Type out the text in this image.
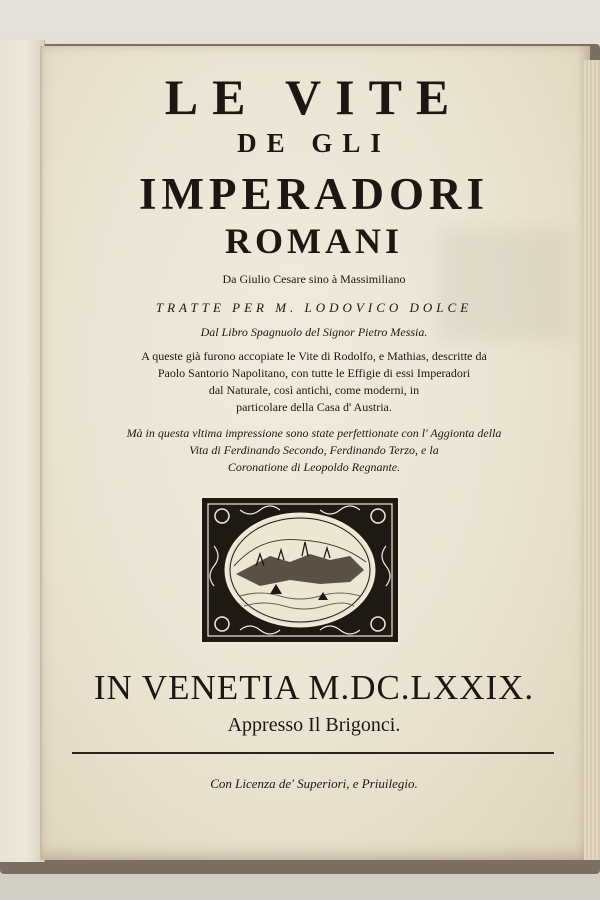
LE VITE
DE GLI
IMPERADORI
ROMANI

Da Giulio Cesare sino à Massimiliano

TRATTE PER M. LODOVICO DOLCE

Dal Libro Spagnuolo del Signor Pietro Messia.

A queste già furono accopiate le Vite di Rodolfo, e Mathias, descritte da
Paolo Santorio Napolitano, con tutte le Effigie di essi Imperadori
dal Naturale, così antichi, come moderni, in
particolare della Casa d' Austria.
Mà in questa vltima impressione sono state perfettionate con l' Aggionta della
Vita di Ferdinando Secondo, Ferdinando Terzo, e la
Coronatione di Leopoldo Regnante.

IN VENETIA M.DC.LXXIX.

Appresso Il Brigonci.

Con Licenza de' Superiori, e Priuilegio.
